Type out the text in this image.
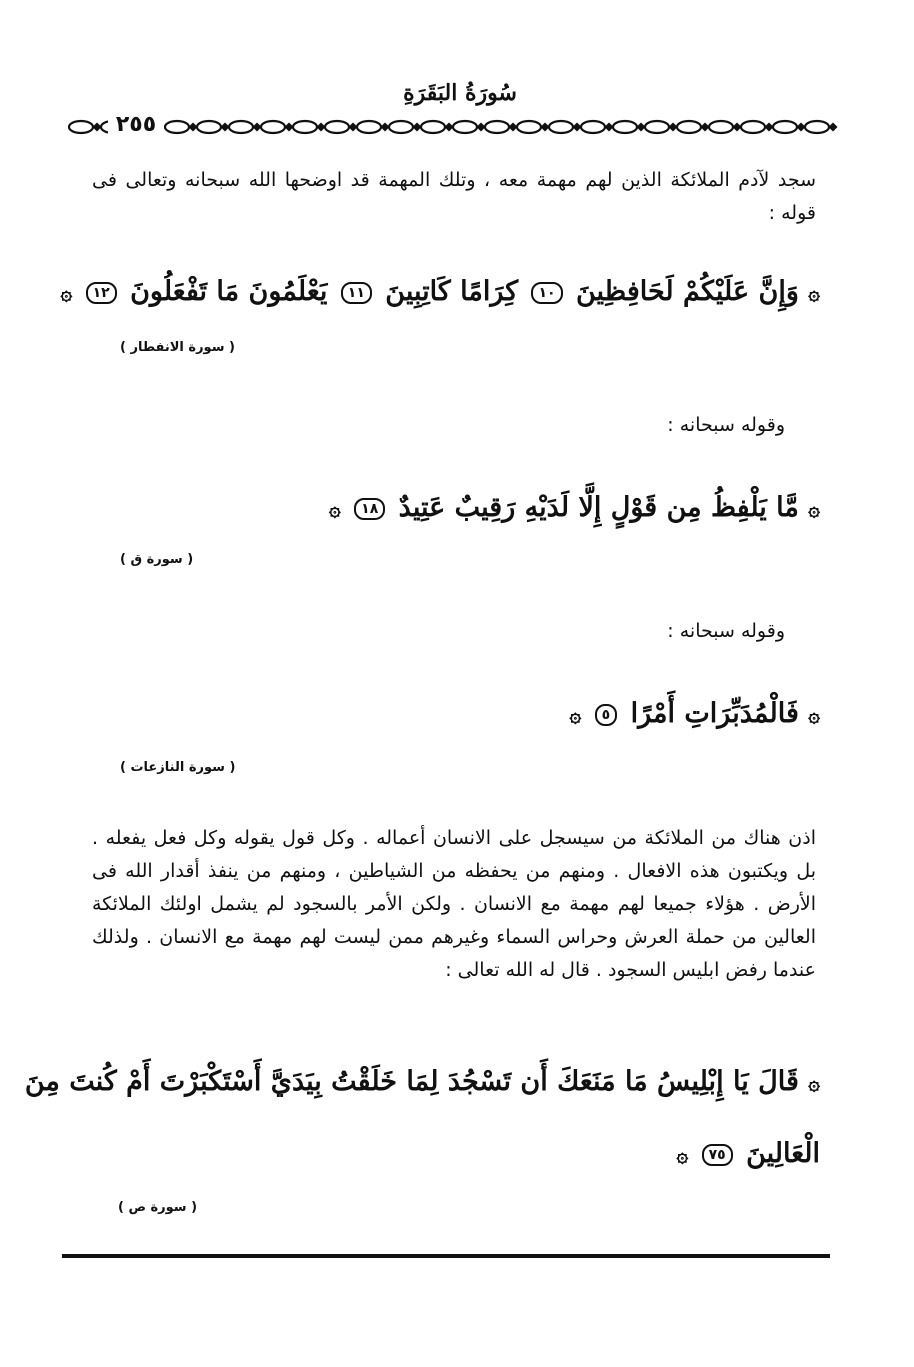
سُورَةُ البَقَرَةِ
٢٥٥
سجد لآدم الملائكة الذين لهم مهمة معه ، وتلك المهمة قد اوضحها الله سبحانه وتعالى فى قوله :
۞ وَإِنَّ عَلَيْكُمْ لَحَافِظِينَ ١٠ كِرَامًا كَاتِبِينَ ١١ يَعْلَمُونَ مَا تَفْعَلُونَ ١٢ ۞
( سورة الانفطار )
وقوله سبحانه :
۞ مَّا يَلْفِظُ مِن قَوْلٍ إِلَّا لَدَيْهِ رَقِيبٌ عَتِيدٌ ١٨ ۞
( سورة ق )
وقوله سبحانه :
۞ فَالْمُدَبِّرَاتِ أَمْرًا ٥ ۞
( سورة النازعات )
اذن هناك من الملائكة من سيسجل على الانسان أعماله . وكل قول يقوله وكل فعل يفعله . بل ويكتبون هذه الافعال . ومنهم من يحفظه من الشياطين ، ومنهم من ينفذ أقدار الله فى الأرض . هؤلاء جميعا لهم مهمة مع الانسان . ولكن الأمر بالسجود لم يشمل اولئك الملائكة العالين من حملة العرش وحراس السماء وغيرهم ممن ليست لهم مهمة مع الانسان . ولذلك عندما رفض ابليس السجود . قال له الله تعالى :
۞ قَالَ يَا إِبْلِيسُ مَا مَنَعَكَ أَن تَسْجُدَ لِمَا خَلَقْتُ بِيَدَيَّ أَسْتَكْبَرْتَ أَمْ كُنتَ مِنَ
الْعَالِينَ ٧٥ ۞
( سورة ص )
